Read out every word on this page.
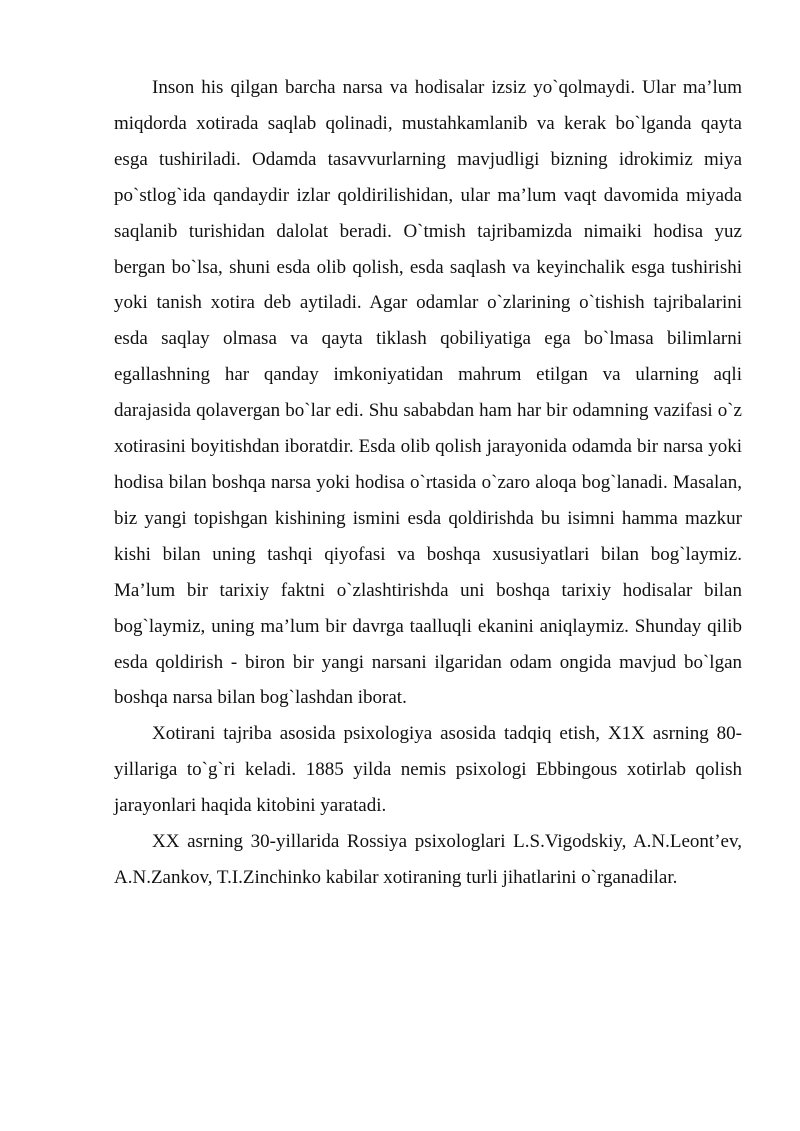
Inson his qilgan barcha narsa va hodisalar izsiz yo`qolmaydi. Ular ma’lum miqdorda xotirada saqlab qolinadi, mustahkamlanib va kerak bo`lganda qayta esga tushiriladi. Odamda tasavvurlarning mavjudligi bizning idrokimiz miya po`stlog`ida qandaydir izlar qoldirilishidan, ular ma’lum vaqt davomida miyada saqlanib turishidan dalolat beradi. O`tmish tajribamizda nimaiki hodisa yuz bergan bo`lsa, shuni esda olib qolish, esda saqlash va keyinchalik esga tushirishi yoki tanish xotira deb aytiladi. Agar odamlar o`zlarining o`tishish tajribalarini esda saqlay olmasa va qayta tiklash qobiliyatiga ega bo`lmasa bilimlarni egallashning har qanday imkoniyatidan mahrum etilgan va ularning aqli darajasida qolavergan bo`lar edi. Shu sababdan ham har bir odamning vazifasi o`z xotirasini boyitishdan iboratdir. Esda olib qolish jarayonida odamda bir narsa yoki hodisa bilan boshqa narsa yoki hodisa o`rtasida o`zaro aloqa bog`lanadi. Masalan, biz yangi topishgan kishining ismini esda qoldirishda bu isimni hamma mazkur kishi bilan uning tashqi qiyofasi va boshqa xususiyatlari bilan bog`laymiz. Ma’lum bir tarixiy faktni o`zlashtirishda uni boshqa tarixiy hodisalar bilan bog`laymiz, uning ma’lum bir davrga taalluqli ekanini aniqlaymiz. Shunday qilib esda qoldirish - biron bir yangi narsani ilgaridan odam ongida mavjud bo`lgan boshqa narsa bilan bog`lashdan iborat.

Xotirani tajriba asosida psixologiya asosida tadqiq etish, X1X asrning 80-yillariga to`g`ri keladi. 1885 yilda nemis psixologi Ebbingous xotirlab qolish jarayonlari haqida kitobini yaratadi.

XX asrning 30-yillarida Rossiya psixologlari L.S.Vigodskiy, A.N.Leont’ev, A.N.Zankov, T.I.Zinchinko kabilar xotiraning turli jihatlarini o`rganadilar.
